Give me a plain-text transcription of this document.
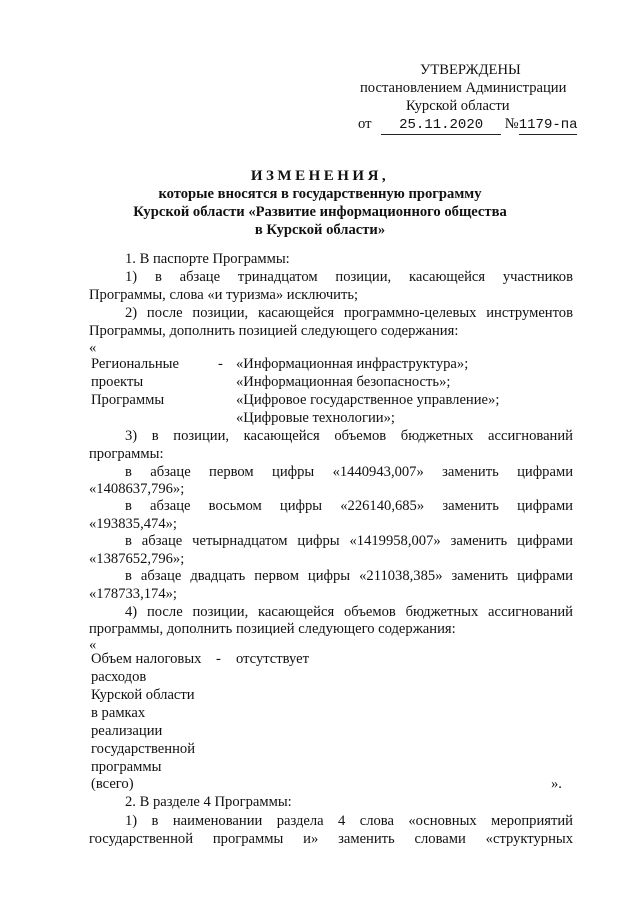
УТВЕРЖДЕНЫ
постановлением Администрации
Курской области
от 25.11.2020 №1179-па
ИЗМЕНЕНИЯ,
которые вносятся в государственную программу
Курской области «Развитие информационного общества
в Курской области»
1. В паспорте Программы:
1) в абзаце тринадцатом позиции, касающейся участников
Программы, слова «и туризма» исключить;
2) после позиции, касающейся программно-целевых инструментов
Программы, дополнить позицией следующего содержания:
«
Региональные
проекты
Программы
- «Информационная инфраструктура»;
«Информационная безопасность»;
«Цифровое государственное управление»;
«Цифровые технологии»;
3) в позиции, касающейся объемов бюджетных ассигнований
программы:
в абзаце первом цифры «1440943,007» заменить цифрами
«1408637,796»;
в абзаце восьмом цифры «226140,685» заменить цифрами
«193835,474»;
в абзаце четырнадцатом цифры «1419958,007» заменить цифрами
«1387652,796»;
в абзаце двадцать первом цифры «211038,385» заменить цифрами
«178733,174»;
4) после позиции, касающейся объемов бюджетных ассигнований
программы, дополнить позицией следующего содержания:
«
Объем налоговых
расходов
Курской области
в рамках
реализации
государственной
программы
(всего)
- отсутствует
».
2. В разделе 4 Программы:
1) в наименовании раздела 4 слова «основных мероприятий
государственной программы и» заменить словами «структурных
